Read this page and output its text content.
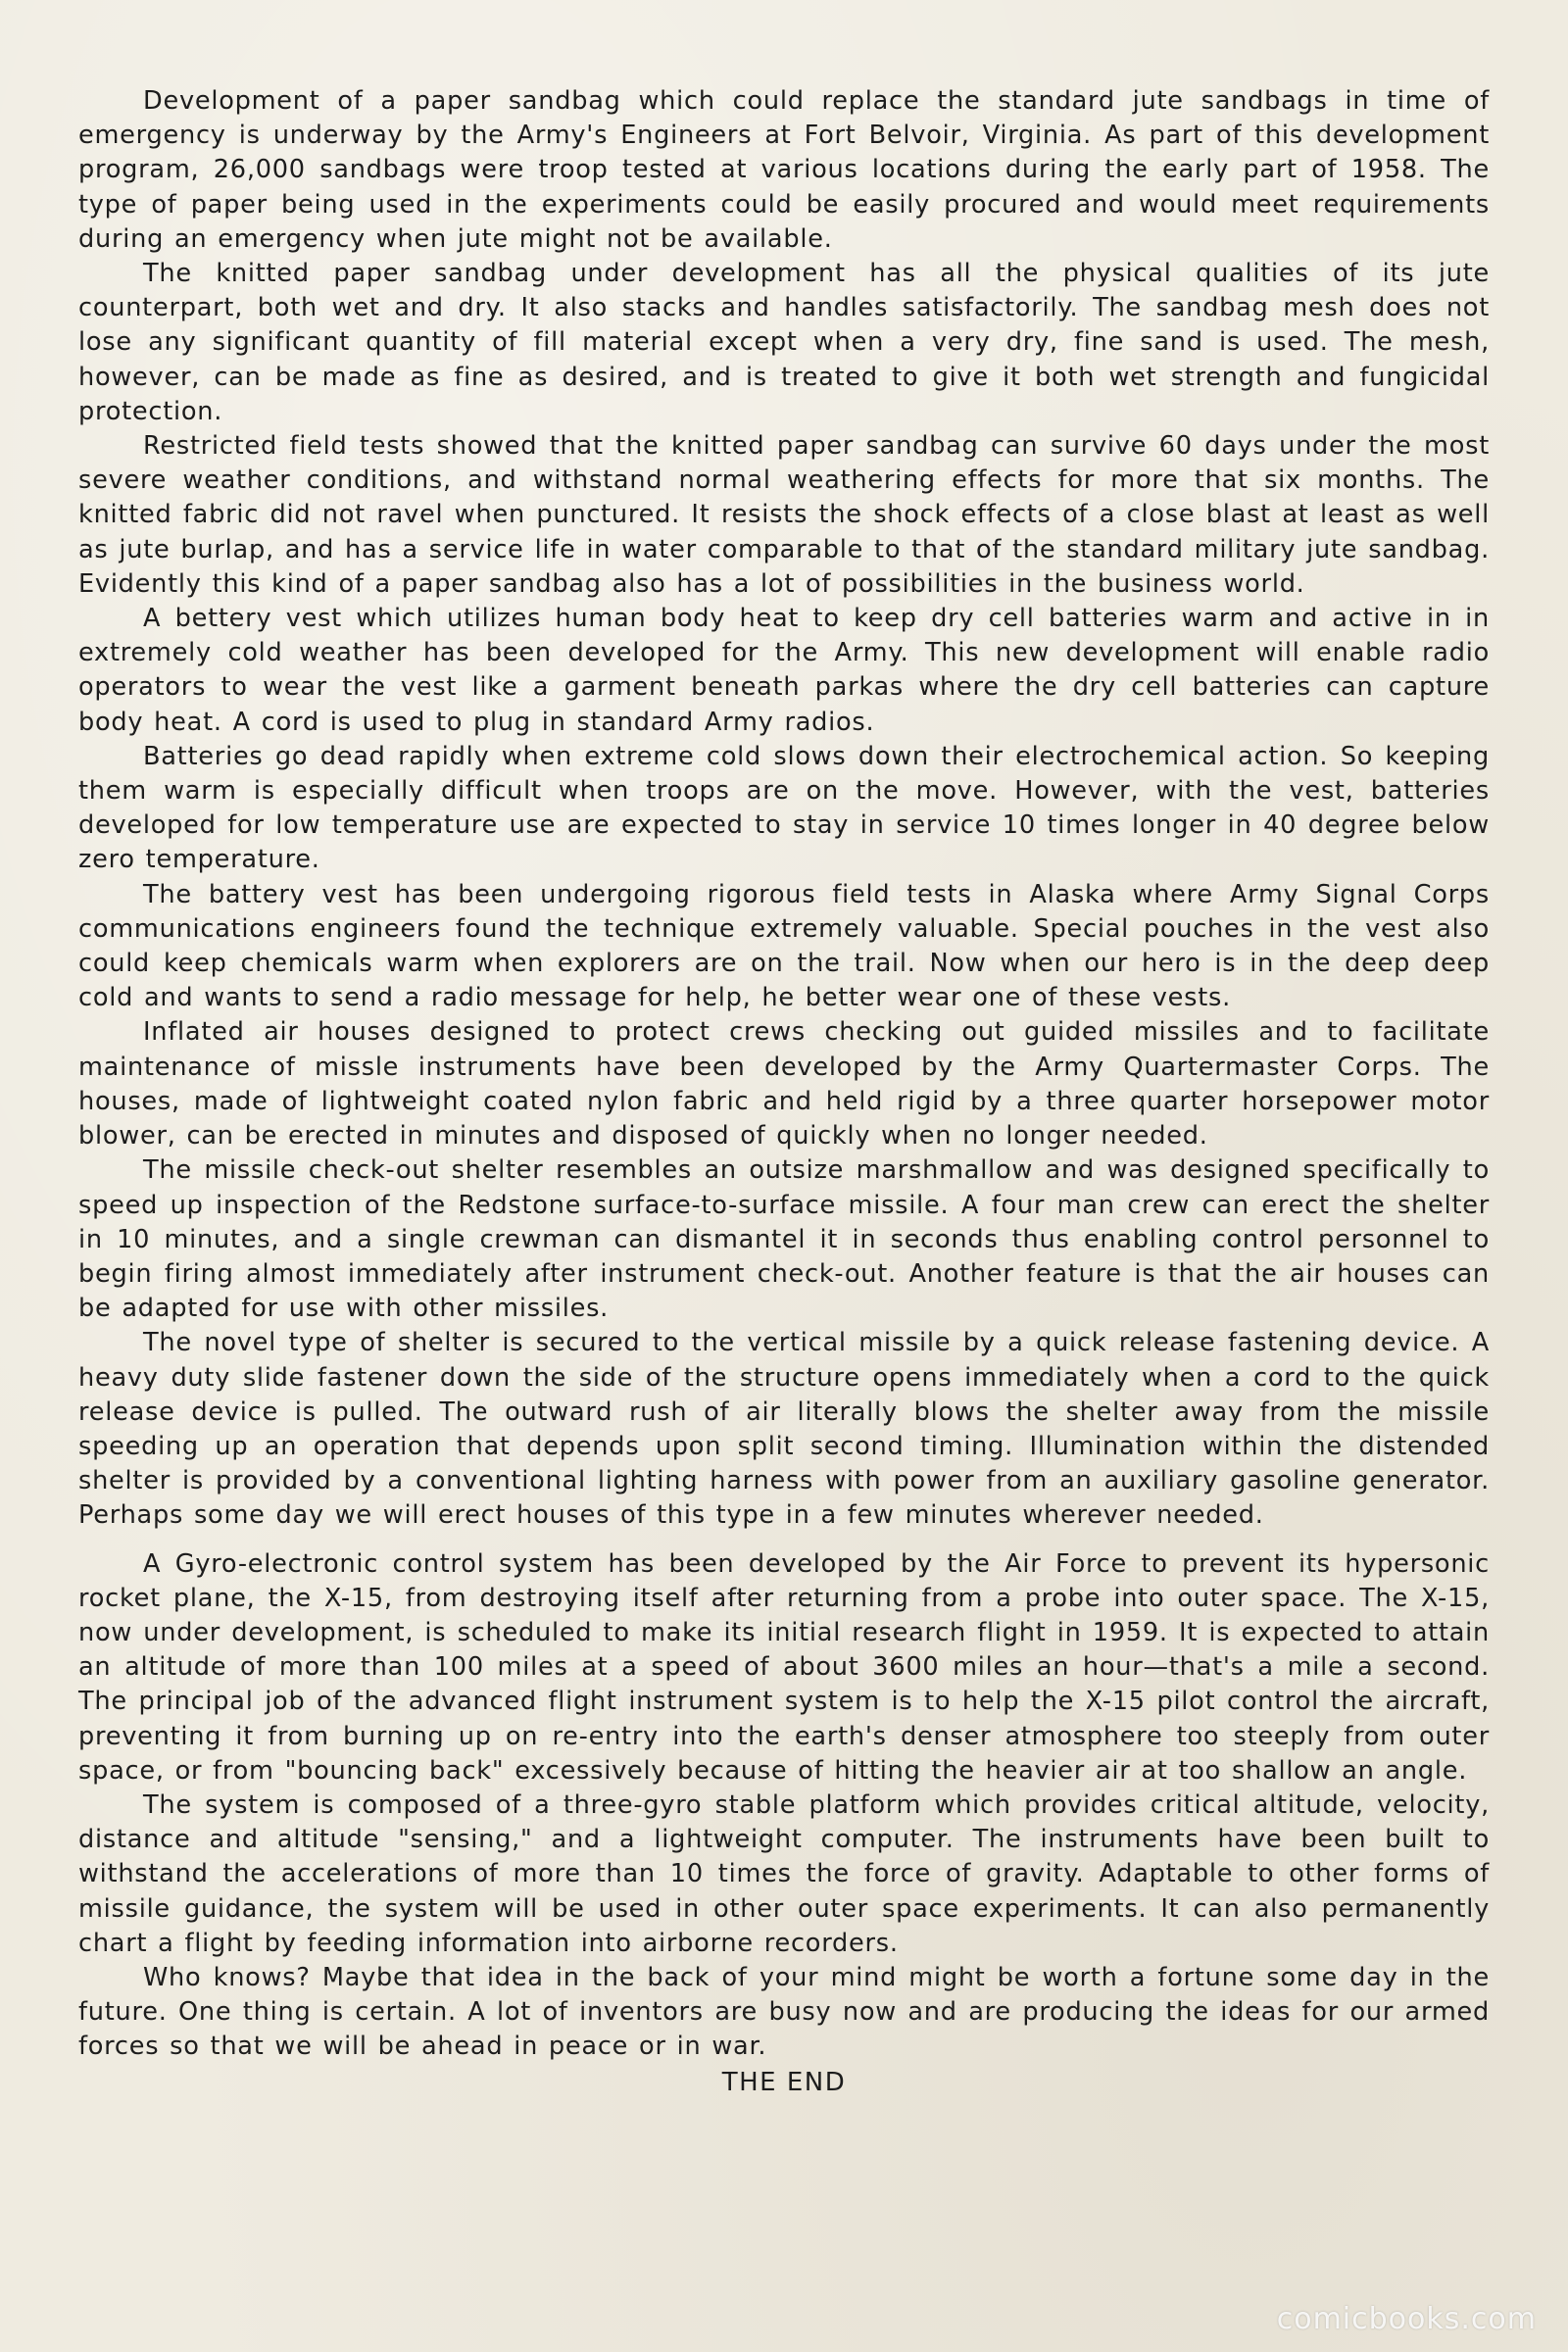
Development of a paper sandbag which could replace the standard jute sandbags in time of emergency is underway by the Army's Engineers at Fort Belvoir, Virginia. As part of this development program, 26,000 sandbags were troop tested at various locations during the early part of 1958. The type of paper being used in the experiments could be easily procured and would meet requirements during an emergency when jute might not be available.

The knitted paper sandbag under development has all the physical qualities of its jute counterpart, both wet and dry. It also stacks and handles satisfactorily. The sandbag mesh does not lose any significant quantity of fill material except when a very dry, fine sand is used. The mesh, however, can be made as fine as desired, and is treated to give it both wet strength and fungicidal protection.

Restricted field tests showed that the knitted paper sandbag can survive 60 days under the most severe weather conditions, and withstand normal weathering effects for more that six months. The knitted fabric did not ravel when punctured. It resists the shock effects of a close blast at least as well as jute burlap, and has a service life in water comparable to that of the standard military jute sandbag. Evidently this kind of a paper sandbag also has a lot of possibilities in the business world.

A bettery vest which utilizes human body heat to keep dry cell batteries warm and active in in extremely cold weather has been developed for the Army. This new development will enable radio operators to wear the vest like a garment beneath parkas where the dry cell batteries can capture body heat. A cord is used to plug in standard Army radios.

Batteries go dead rapidly when extreme cold slows down their electrochemical action. So keeping them warm is especially difficult when troops are on the move. However, with the vest, batteries developed for low temperature use are expected to stay in service 10 times longer in 40 degree below zero temperature.

The battery vest has been undergoing rigorous field tests in Alaska where Army Signal Corps communications engineers found the technique extremely valuable. Special pouches in the vest also could keep chemicals warm when explorers are on the trail. Now when our hero is in the deep deep cold and wants to send a radio message for help, he better wear one of these vests.

Inflated air houses designed to protect crews checking out guided missiles and to facilitate maintenance of missle instruments have been developed by the Army Quartermaster Corps. The houses, made of lightweight coated nylon fabric and held rigid by a three quarter horsepower motor blower, can be erected in minutes and disposed of quickly when no longer needed.

The missile check-out shelter resembles an outsize marshmallow and was designed specifically to speed up inspection of the Redstone surface-to-surface missile. A four man crew can erect the shelter in 10 minutes, and a single crewman can dismantel it in seconds thus enabling control personnel to begin firing almost immediately after instrument check-out. Another feature is that the air houses can be adapted for use with other missiles.

The novel type of shelter is secured to the vertical missile by a quick release fastening device. A heavy duty slide fastener down the side of the structure opens immediately when a cord to the quick release device is pulled. The outward rush of air literally blows the shelter away from the missile speeding up an operation that depends upon split second timing. Illumination within the distended shelter is provided by a conventional lighting harness with power from an auxiliary gasoline generator. Perhaps some day we will erect houses of this type in a few minutes wherever needed.

A Gyro-electronic control system has been developed by the Air Force to prevent its hypersonic rocket plane, the X-15, from destroying itself after returning from a probe into outer space. The X-15, now under development, is scheduled to make its initial research flight in 1959. It is expected to attain an altitude of more than 100 miles at a speed of about 3600 miles an hour—that's a mile a second. The principal job of the advanced flight instrument system is to help the X-15 pilot control the aircraft, preventing it from burning up on re-entry into the earth's denser atmosphere too steeply from outer space, or from "bouncing back" excessively because of hitting the heavier air at too shallow an angle.

The system is composed of a three-gyro stable platform which provides critical altitude, velocity, distance and altitude "sensing," and a lightweight computer. The instruments have been built to withstand the accelerations of more than 10 times the force of gravity. Adaptable to other forms of missile guidance, the system will be used in other outer space experiments. It can also permanently chart a flight by feeding information into airborne recorders.

Who knows? Maybe that idea in the back of your mind might be worth a fortune some day in the future. One thing is certain. A lot of inventors are busy now and are producing the ideas for our armed forces so that we will be ahead in peace or in war.

THE END

comicbooks.com
